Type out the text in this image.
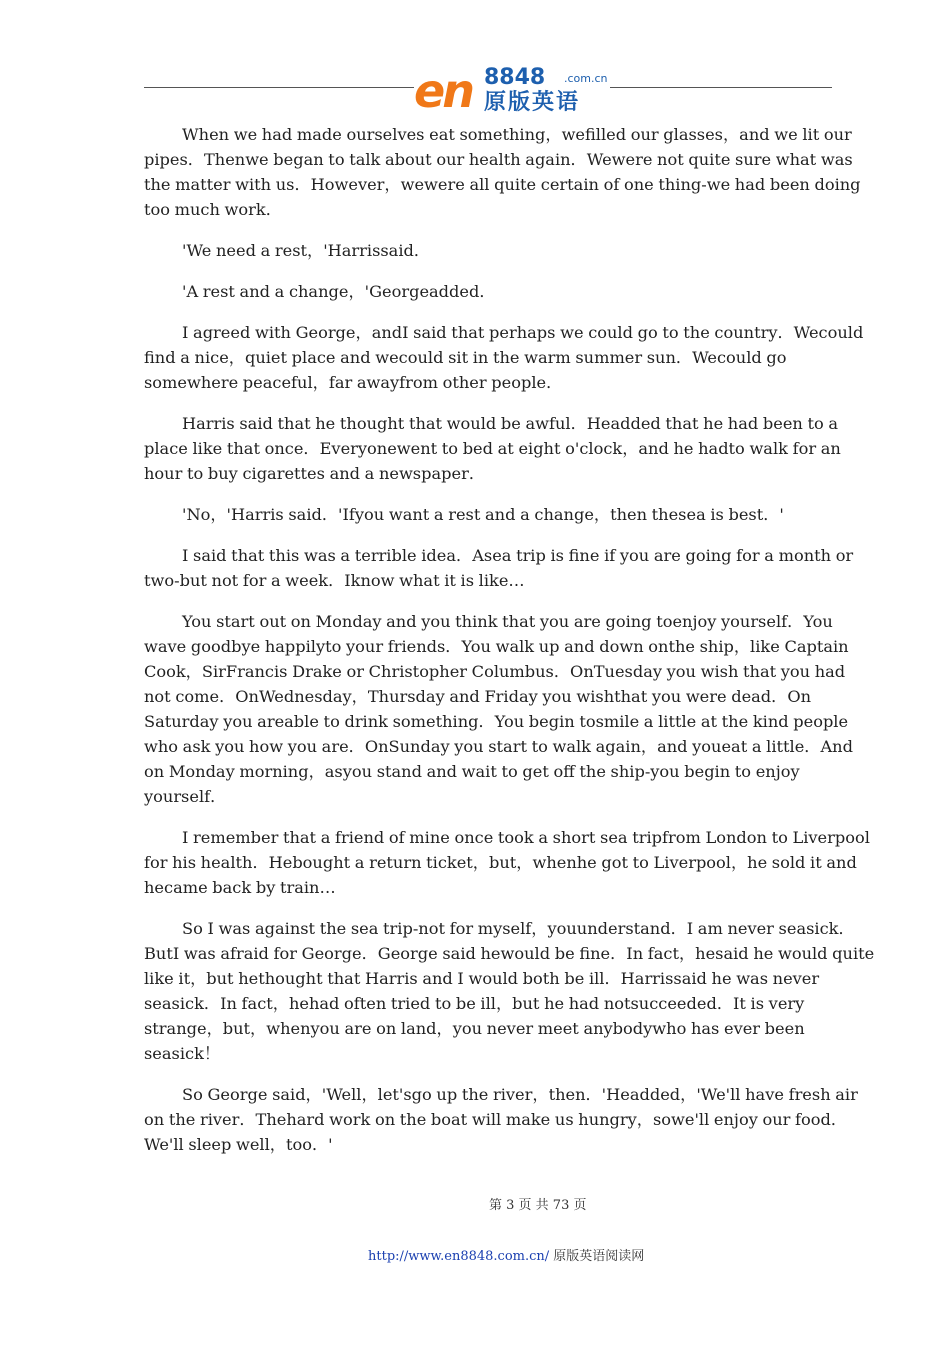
en 8848 .com.cn
原版英语

When we had made ourselves eat something，wefilled our glasses，and we lit our pipes．Thenwe began to talk about our health again．Wewere not quite sure what was the matter with us．However，wewere all quite certain of one thing-we had been doing too much work．

'We need a rest，'Harrissaid．

'A rest and a change，'Georgeadded．

I agreed with George，andI said that perhaps we could go to the country．Wecould find a nice，quiet place and wecould sit in the warm summer sun．Wecould go somewhere peaceful，far awayfrom other people．

Harris said that he thought that would be awful．Headded that he had been to a place like that once．Everyonewent to bed at eight o'clock，and he hadto walk for an hour to buy cigarettes and a newspaper．

'No，'Harris said．'Ifyou want a rest and a change，then thesea is best．'

I said that this was a terrible idea．Asea trip is fine if you are going for a month or two-but not for a week．Iknow what it is like…

You start out on Monday and you think that you are going toenjoy yourself．You wave goodbye happilyto your friends．You walk up and down onthe ship，like Captain Cook，SirFrancis Drake or Christopher Columbus．OnTuesday you wish that you had not come．OnWednesday，Thursday and Friday you wishthat you were dead．On Saturday you areable to drink something．You begin tosmile a little at the kind people who ask you how you are．OnSunday you start to walk again，and youeat a little．And on Monday morning，asyou stand and wait to get off the ship-you begin to enjoy yourself．

I remember that a friend of mine once took a short sea tripfrom London to Liverpool for his health．Hebought a return ticket，but，whenhe got to Liverpool，he sold it and hecame back by train…

So I was against the sea trip-not for myself，youunderstand．I am never seasick．ButI was afraid for George．George said hewould be fine．In fact，hesaid he would quite like it，but hethought that Harris and I would both be ill．Harrissaid he was never seasick．In fact，hehad often tried to be ill，but he had notsucceeded．It is very strange，but，whenyou are on land，you never meet anybodywho has ever been seasick！

So George said，'Well，let'sgo up the river，then．'Headded，'We'll have fresh air on the river．Thehard work on the boat will make us hungry，sowe'll enjoy our food．We'll sleep well，too．'

第 3 页 共 73 页
http://www.en8848.com.cn/ 原版英语阅读网
